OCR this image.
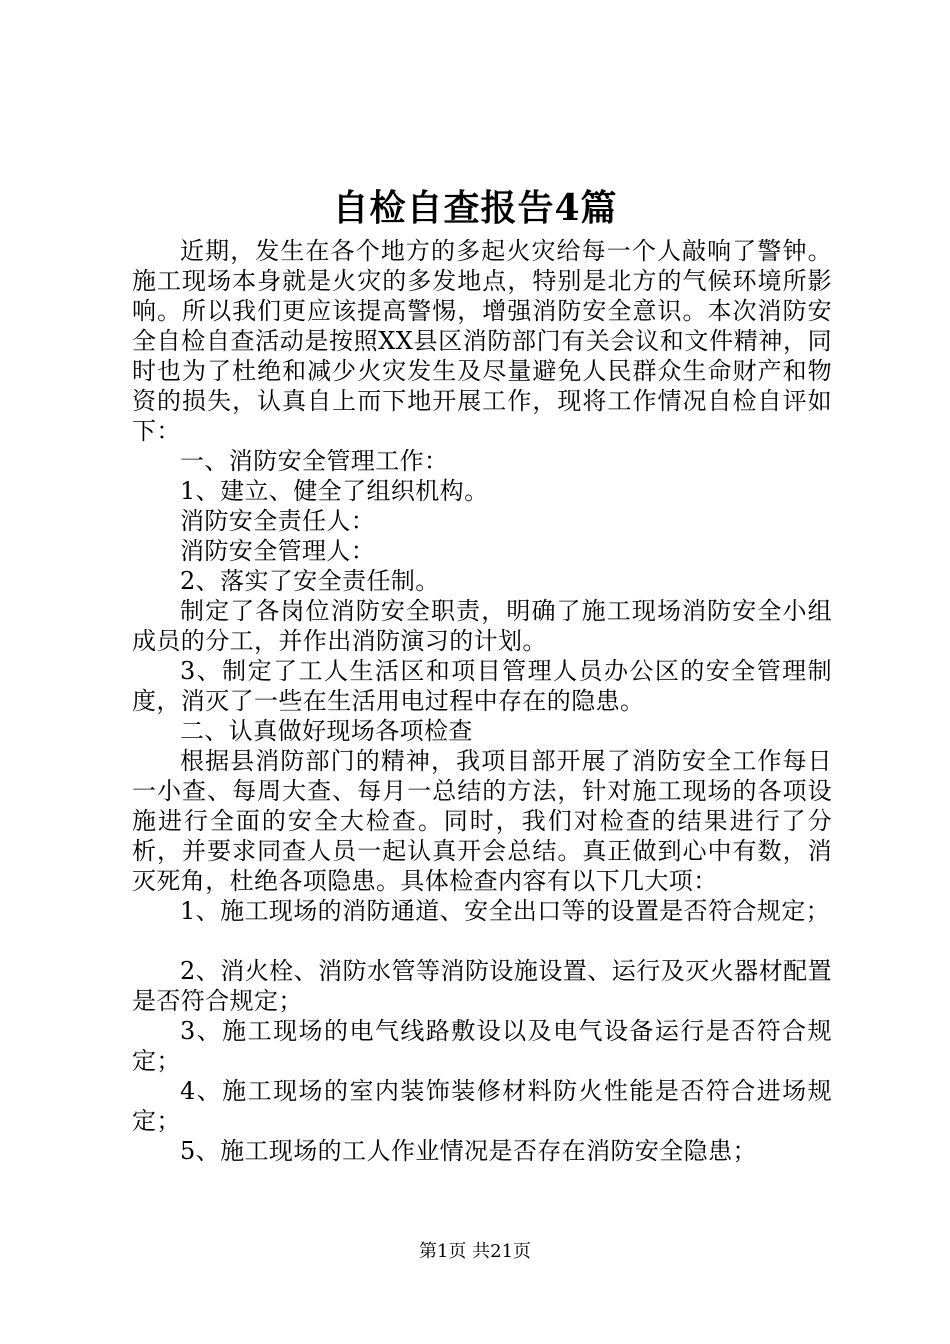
自检自查报告4篇

近期，发生在各个地方的多起火灾给每一个人敲响了警钟。施工现场本身就是火灾的多发地点，特别是北方的气候环境所影响。所以我们更应该提高警惕，增强消防安全意识。本次消防安全自检自查活动是按照XX县区消防部门有关会议和文件精神，同时也为了杜绝和减少火灾发生及尽量避免人民群众生命财产和物资的损失，认真自上而下地开展工作，现将工作情况自检自评如下：

一、消防安全管理工作：

1、建立、健全了组织机构。

消防安全责任人：

消防安全管理人：

2、落实了安全责任制。

制定了各岗位消防安全职责，明确了施工现场消防安全小组成员的分工，并作出消防演习的计划。

3、制定了工人生活区和项目管理人员办公区的安全管理制度，消灭了一些在生活用电过程中存在的隐患。

二、认真做好现场各项检查

根据县消防部门的精神，我项目部开展了消防安全工作每日一小查、每周大查、每月一总结的方法，针对施工现场的各项设施进行全面的安全大检查。同时，我们对检查的结果进行了分析，并要求同查人员一起认真开会总结。真正做到心中有数，消灭死角，杜绝各项隐患。具体检查内容有以下几大项：

1、施工现场的消防通道、安全出口等的设置是否符合规定；

2、消火栓、消防水管等消防设施设置、运行及灭火器材配置是否符合规定；

3、施工现场的电气线路敷设以及电气设备运行是否符合规定；

4、施工现场的室内装饰装修材料防火性能是否符合进场规定；

5、施工现场的工人作业情况是否存在消防安全隐患；

第1页 共21页
